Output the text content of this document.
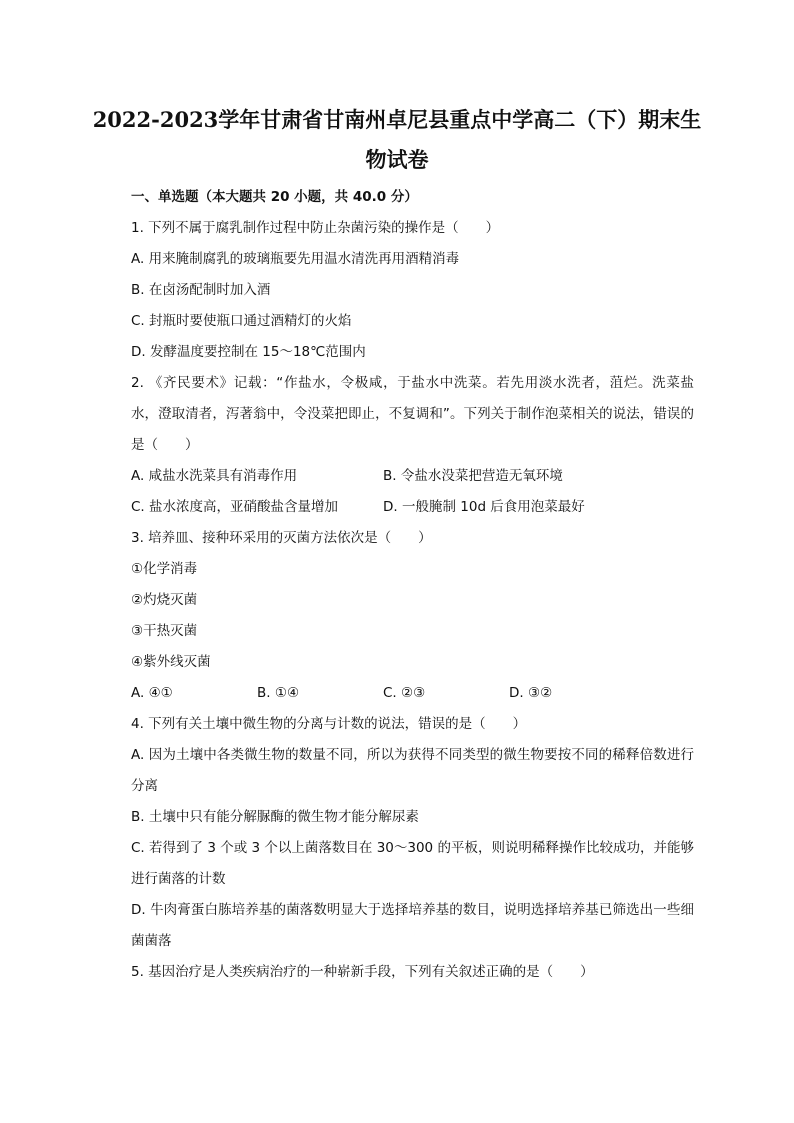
2022-2023学年甘肃省甘南州卓尼县重点中学高二（下）期末生物试卷
一、单选题（本大题共 20 小题，共 40.0 分）
1. 下列不属于腐乳制作过程中防止杂菌污染的操作是（　　）
A. 用来腌制腐乳的玻璃瓶要先用温水清洗再用酒精消毒
B. 在卤汤配制时加入酒
C. 封瓶时要使瓶口通过酒精灯的火焰
D. 发酵温度要控制在 15～18℃范围内
2. 《齐民要术》记载：“作盐水，令极咸，于盐水中洗菜。若先用淡水洗者，菹烂。洗菜盐水，澄取清者，泻著翁中，令没菜把即止，不复调和”。下列关于制作泡菜相关的说法，错误的是（　　）
A. 咸盐水洗菜具有消毒作用	B. 令盐水没菜把营造无氧环境
C. 盐水浓度高，亚硝酸盐含量增加	D. 一般腌制 10d 后食用泡菜最好
3. 培养皿、接种环采用的灭菌方法依次是（　　）
①化学消毒
②灼烧灭菌
③干热灭菌
④紫外线灭菌
A. ④①	B. ①④	C. ②③	D. ③②
4. 下列有关土壤中微生物的分离与计数的说法，错误的是（　　）
A. 因为土壤中各类微生物的数量不同，所以为获得不同类型的微生物要按不同的稀释倍数进行分离
B. 土壤中只有能分解脲酶的微生物才能分解尿素
C. 若得到了 3 个或 3 个以上菌落数目在 30～300 的平板，则说明稀释操作比较成功，并能够进行菌落的计数
D. 牛肉膏蛋白胨培养基的菌落数明显大于选择培养基的数目，说明选择培养基已筛选出一些细菌菌落
5. 基因治疗是人类疾病治疗的一种崭新手段，下列有关叙述正确的是（　　）
